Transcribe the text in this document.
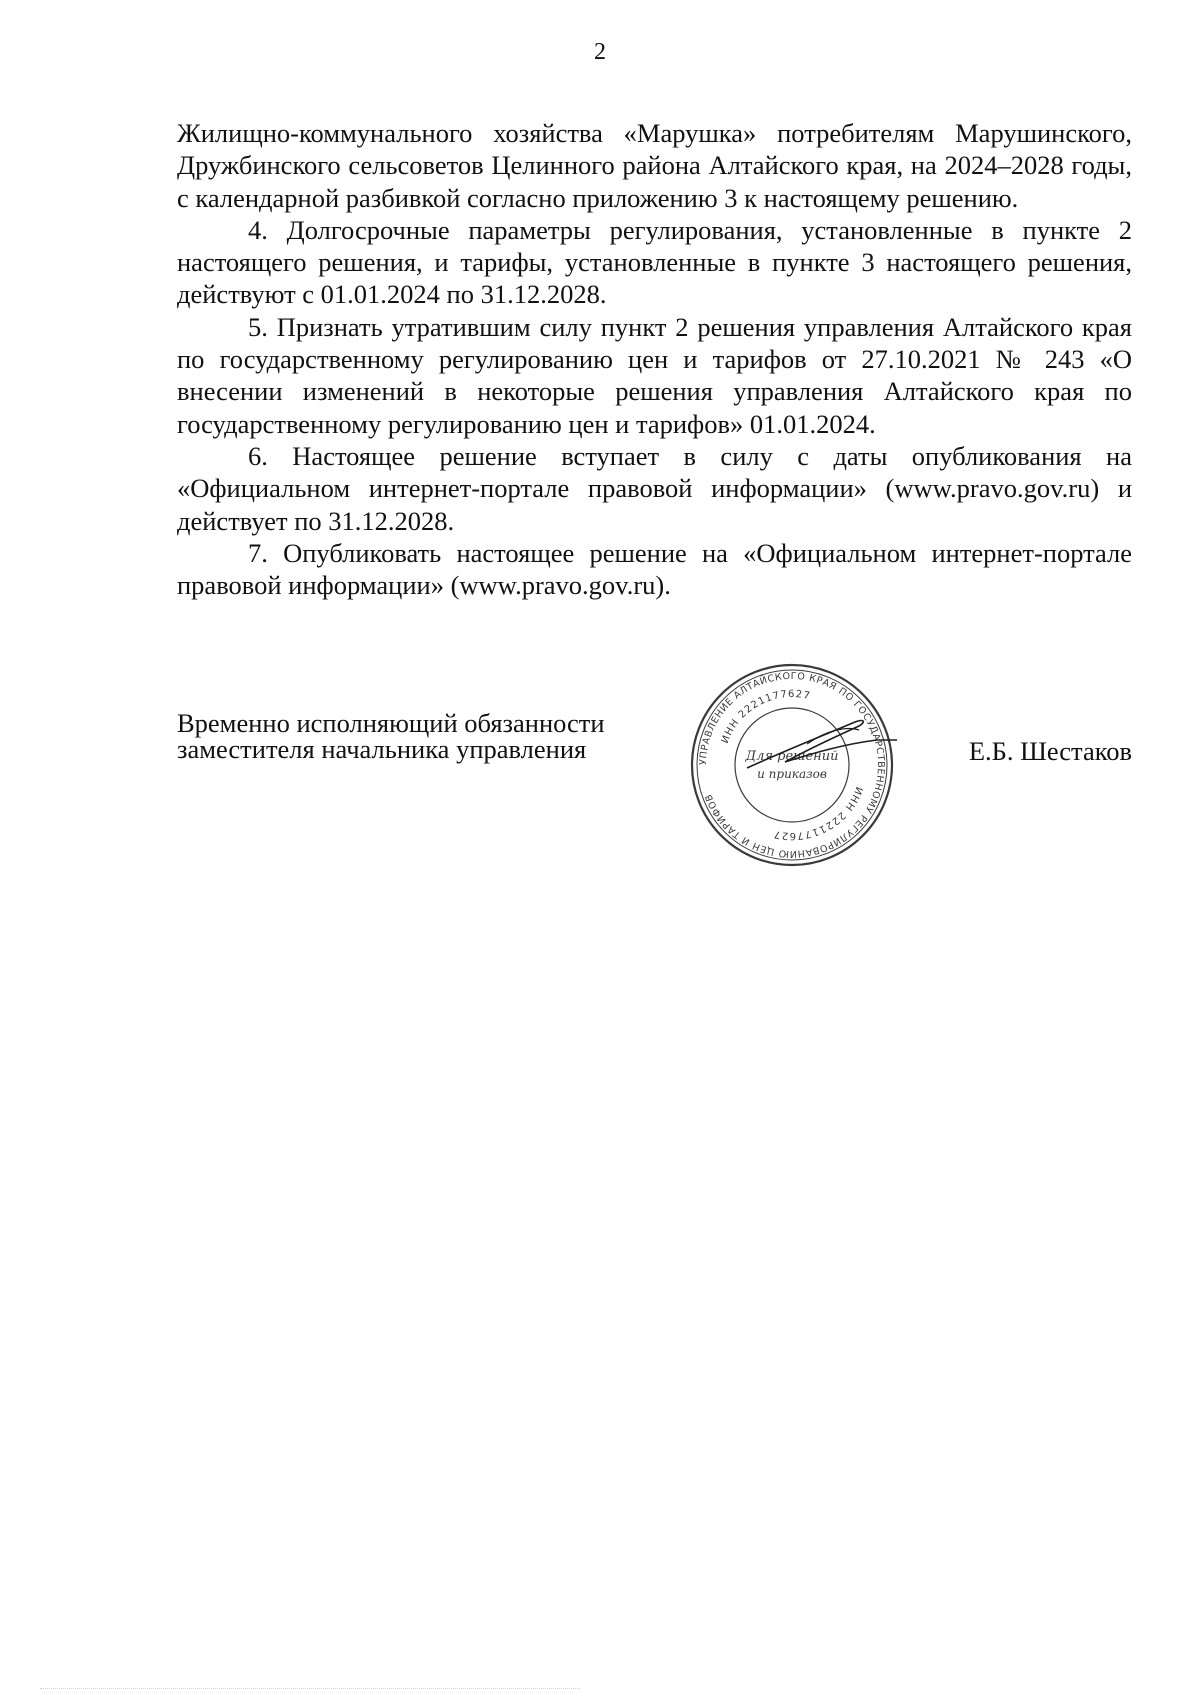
2

Жилищно-коммунального хозяйства «Марушка» потребителям Марушинского, Дружбинского сельсоветов Целинного района Алтайского края, на 2024–2028 годы, с календарной разбивкой согласно приложению 3 к настоящему решению.

4. Долгосрочные параметры регулирования, установленные в пункте 2 настоящего решения, и тарифы, установленные в пункте 3 настоящего решения, действуют с 01.01.2024 по 31.12.2028.

5. Признать утратившим силу пункт 2 решения управления Алтайского края по государственному регулированию цен и тарифов от 27.10.2021 № 243 «О внесении изменений в некоторые решения управления Алтайского края по государственному регулированию цен и тарифов» 01.01.2024.

6. Настоящее решение вступает в силу с даты опубликования на «Официальном интернет-портале правовой информации» (www.pravo.gov.ru) и действует по 31.12.2028.

7. Опубликовать настоящее решение на «Официальном интернет-портале правовой информации» (www.pravo.gov.ru).

Временно исполняющий обязанности
заместителя начальника управления	УПРАВЛЕНИЕ АЛТАЙСКОГО КРАЯ ПО ГОСУДАРСТВЕННОМУ РЕГУЛИРОВАНИЮ ЦЕН И ТАРИФОВ
ИНН 2221177627
ИНН 2221177627
Для решений
и приказов
Е.Б. Шестаков
